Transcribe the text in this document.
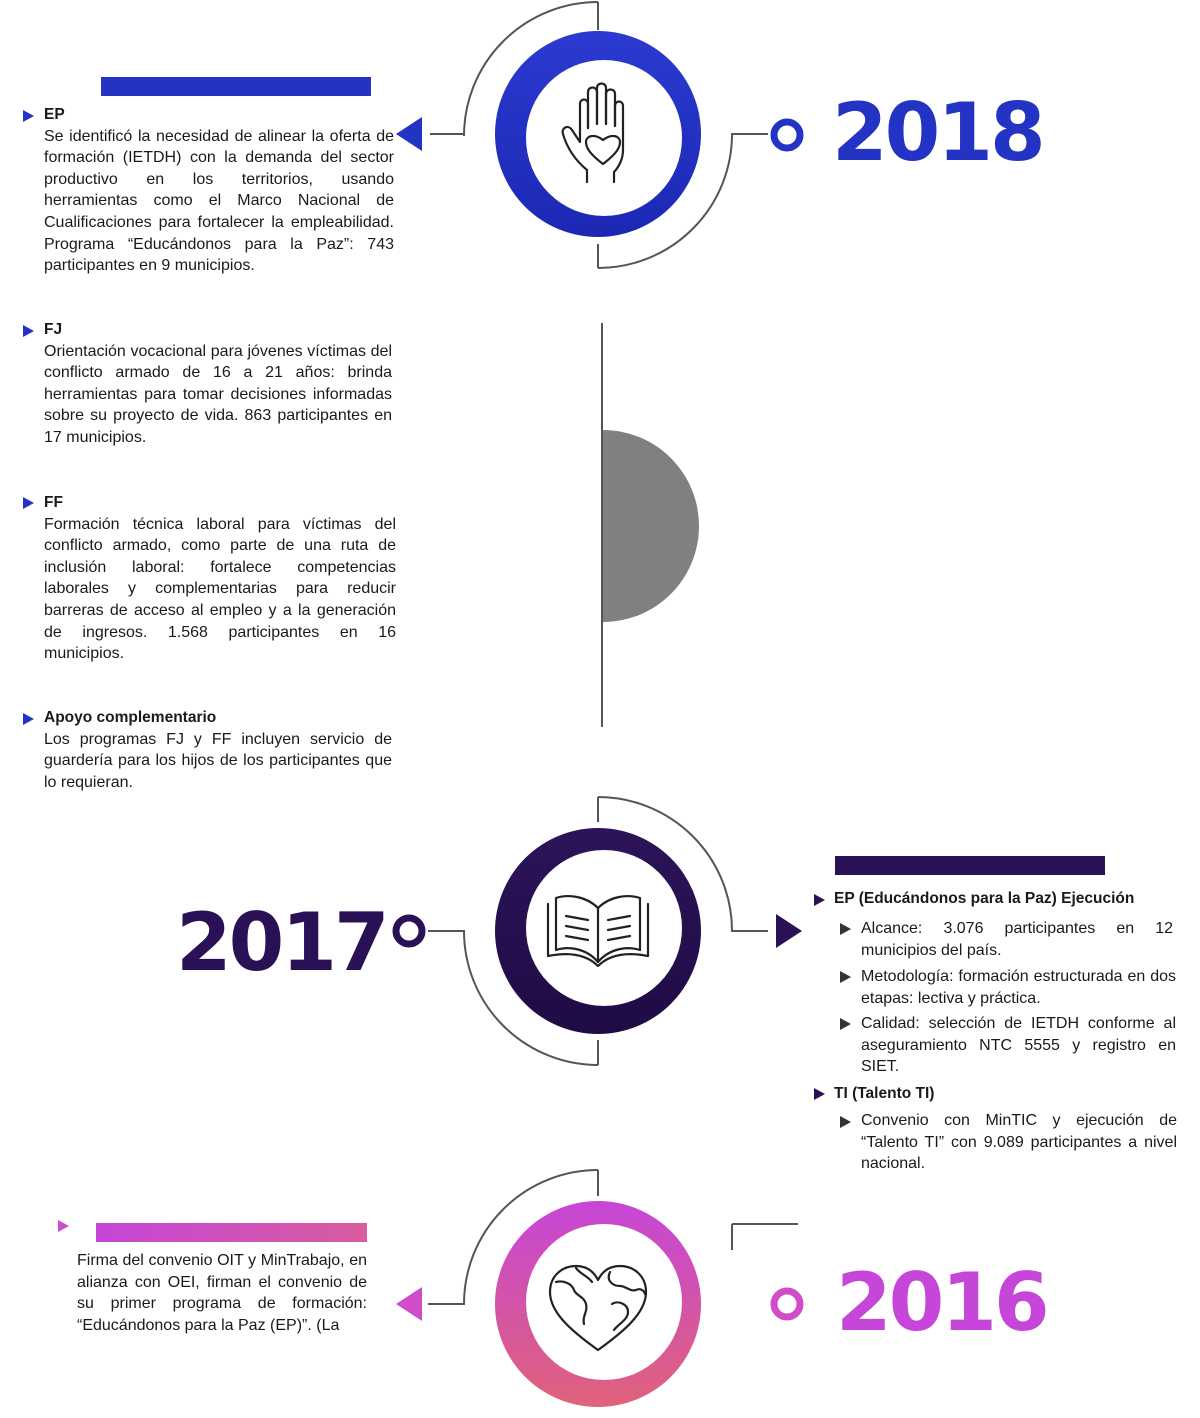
2018
EP
Se identificó la necesidad de alinear la oferta de formación (IETDH) con la demanda del sector productivo en los territorios, usando herramientas como el Marco Nacional de Cualificaciones para fortalecer la empleabilidad. Programa “Educándonos para la Paz”: 743 participantes en 9 municipios.
FJ
Orientación vocacional para jóvenes víctimas del conflicto armado de 16 a 21 años: brinda herramientas para tomar decisiones informadas sobre su proyecto de vida. 863 participantes en 17 municipios.
FF
Formación técnica laboral para víctimas del conflicto armado, como parte de una ruta de inclusión laboral: fortalece competencias laborales y complementarias para reducir barreras de acceso al empleo y a la generación de ingresos. 1.568 participantes en 16 municipios.
Apoyo complementario
Los programas FJ y FF incluyen servicio de guardería para los hijos de los participantes que lo requieran.
2017	EP (Educándonos para la Paz) Ejecución
Alcance: 3.076 participantes en 12 municipios del país.
Metodología: formación estructurada en dos etapas: lectiva y práctica.
Calidad: selección de IETDH conforme al aseguramiento NTC 5555 y registro en SIET.
TI (Talento TI)
Convenio con MinTIC y ejecución de “Talento TI” con 9.089 participantes a nivel nacional.
Firma del convenio OIT y MinTrabajo, en alianza con OEI, firman el convenio de su primer programa de formación: “Educándonos para la Paz (EP)”. (La	2016
